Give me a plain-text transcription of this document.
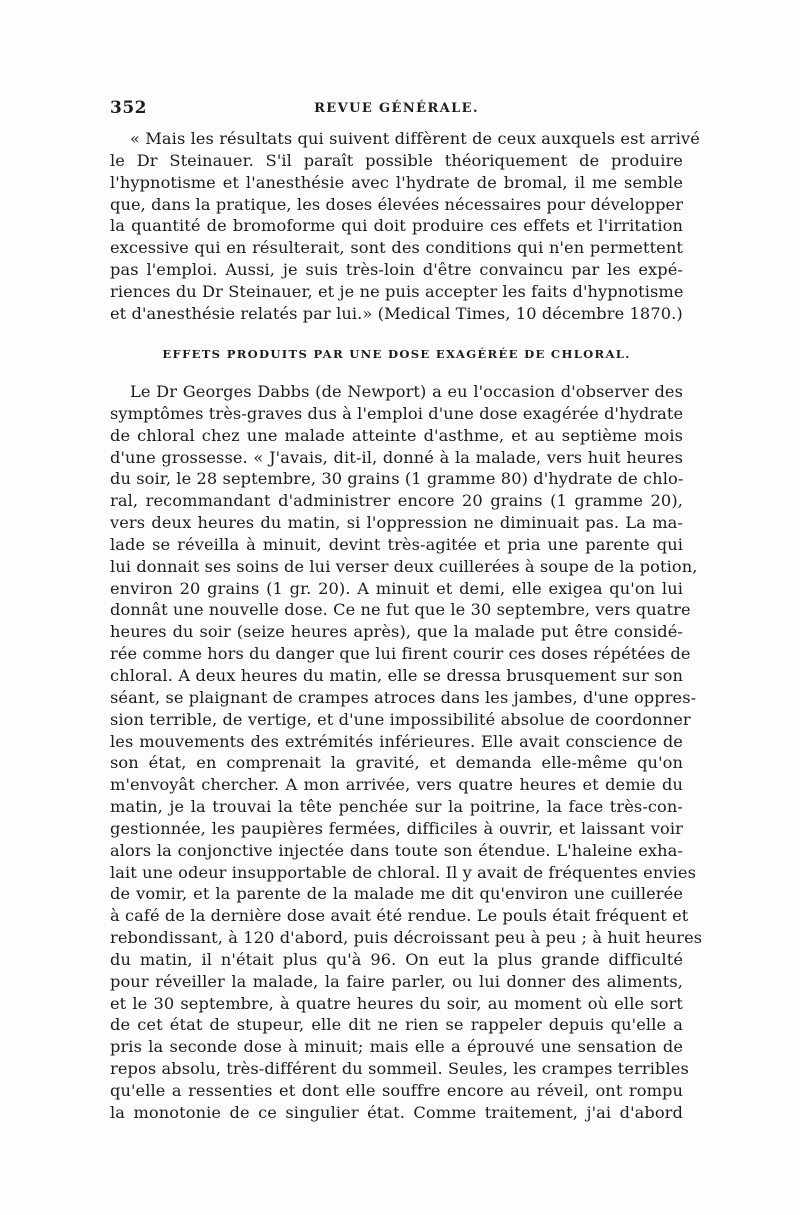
352	REVUE GÉNÉRALE.
« Mais les résultats qui suivent diffèrent de ceux auxquels est arrivé
le Dr Steinauer. S'il paraît possible théoriquement de produire
l'hypnotisme et l'anesthésie avec l'hydrate de bromal, il me semble
que, dans la pratique, les doses élevées nécessaires pour développer
la quantité de bromoforme qui doit produire ces effets et l'irritation
excessive qui en résulterait, sont des conditions qui n'en permettent
pas l'emploi. Aussi, je suis très-loin d'être convaincu par les expé-
riences du Dr Steinauer, et je ne puis accepter les faits d'hypnotisme
et d'anesthésie relatés par lui.» (Medical Times, 10 décembre 1870.)
EFFETS PRODUITS PAR UNE DOSE EXAGÉRÉE DE CHLORAL.
Le Dr Georges Dabbs (de Newport) a eu l'occasion d'observer des
symptômes très-graves dus à l'emploi d'une dose exagérée d'hydrate
de chloral chez une malade atteinte d'asthme, et au septième mois
d'une grossesse. « J'avais, dit-il, donné à la malade, vers huit heures
du soir, le 28 septembre, 30 grains (1 gramme 80) d'hydrate de chlo-
ral, recommandant d'administrer encore 20 grains (1 gramme 20),
vers deux heures du matin, si l'oppression ne diminuait pas. La ma-
lade se réveilla à minuit, devint très-agitée et pria une parente qui
lui donnait ses soins de lui verser deux cuillerées à soupe de la potion,
environ 20 grains (1 gr. 20). A minuit et demi, elle exigea qu'on lui
donnât une nouvelle dose. Ce ne fut que le 30 septembre, vers quatre
heures du soir (seize heures après), que la malade put être considé-
rée comme hors du danger que lui firent courir ces doses répétées de
chloral. A deux heures du matin, elle se dressa brusquement sur son
séant, se plaignant de crampes atroces dans les jambes, d'une oppres-
sion terrible, de vertige, et d'une impossibilité absolue de coordonner
les mouvements des extrémités inférieures. Elle avait conscience de
son état, en comprenait la gravité, et demanda elle-même qu'on
m'envoyât chercher. A mon arrivée, vers quatre heures et demie du
matin, je la trouvai la tête penchée sur la poitrine, la face très-con-
gestionnée, les paupières fermées, difficiles à ouvrir, et laissant voir
alors la conjonctive injectée dans toute son étendue. L'haleine exha-
lait une odeur insupportable de chloral. Il y avait de fréquentes envies
de vomir, et la parente de la malade me dit qu'environ une cuillerée
à café de la dernière dose avait été rendue. Le pouls était fréquent et
rebondissant, à 120 d'abord, puis décroissant peu à peu ; à huit heures
du matin, il n'était plus qu'à 96. On eut la plus grande difficulté
pour réveiller la malade, la faire parler, ou lui donner des aliments,
et le 30 septembre, à quatre heures du soir, au moment où elle sort
de cet état de stupeur, elle dit ne rien se rappeler depuis qu'elle a
pris la seconde dose à minuit; mais elle a éprouvé une sensation de
repos absolu, très-différent du sommeil. Seules, les crampes terribles
qu'elle a ressenties et dont elle souffre encore au réveil, ont rompu
la monotonie de ce singulier état. Comme traitement, j'ai d'abord
